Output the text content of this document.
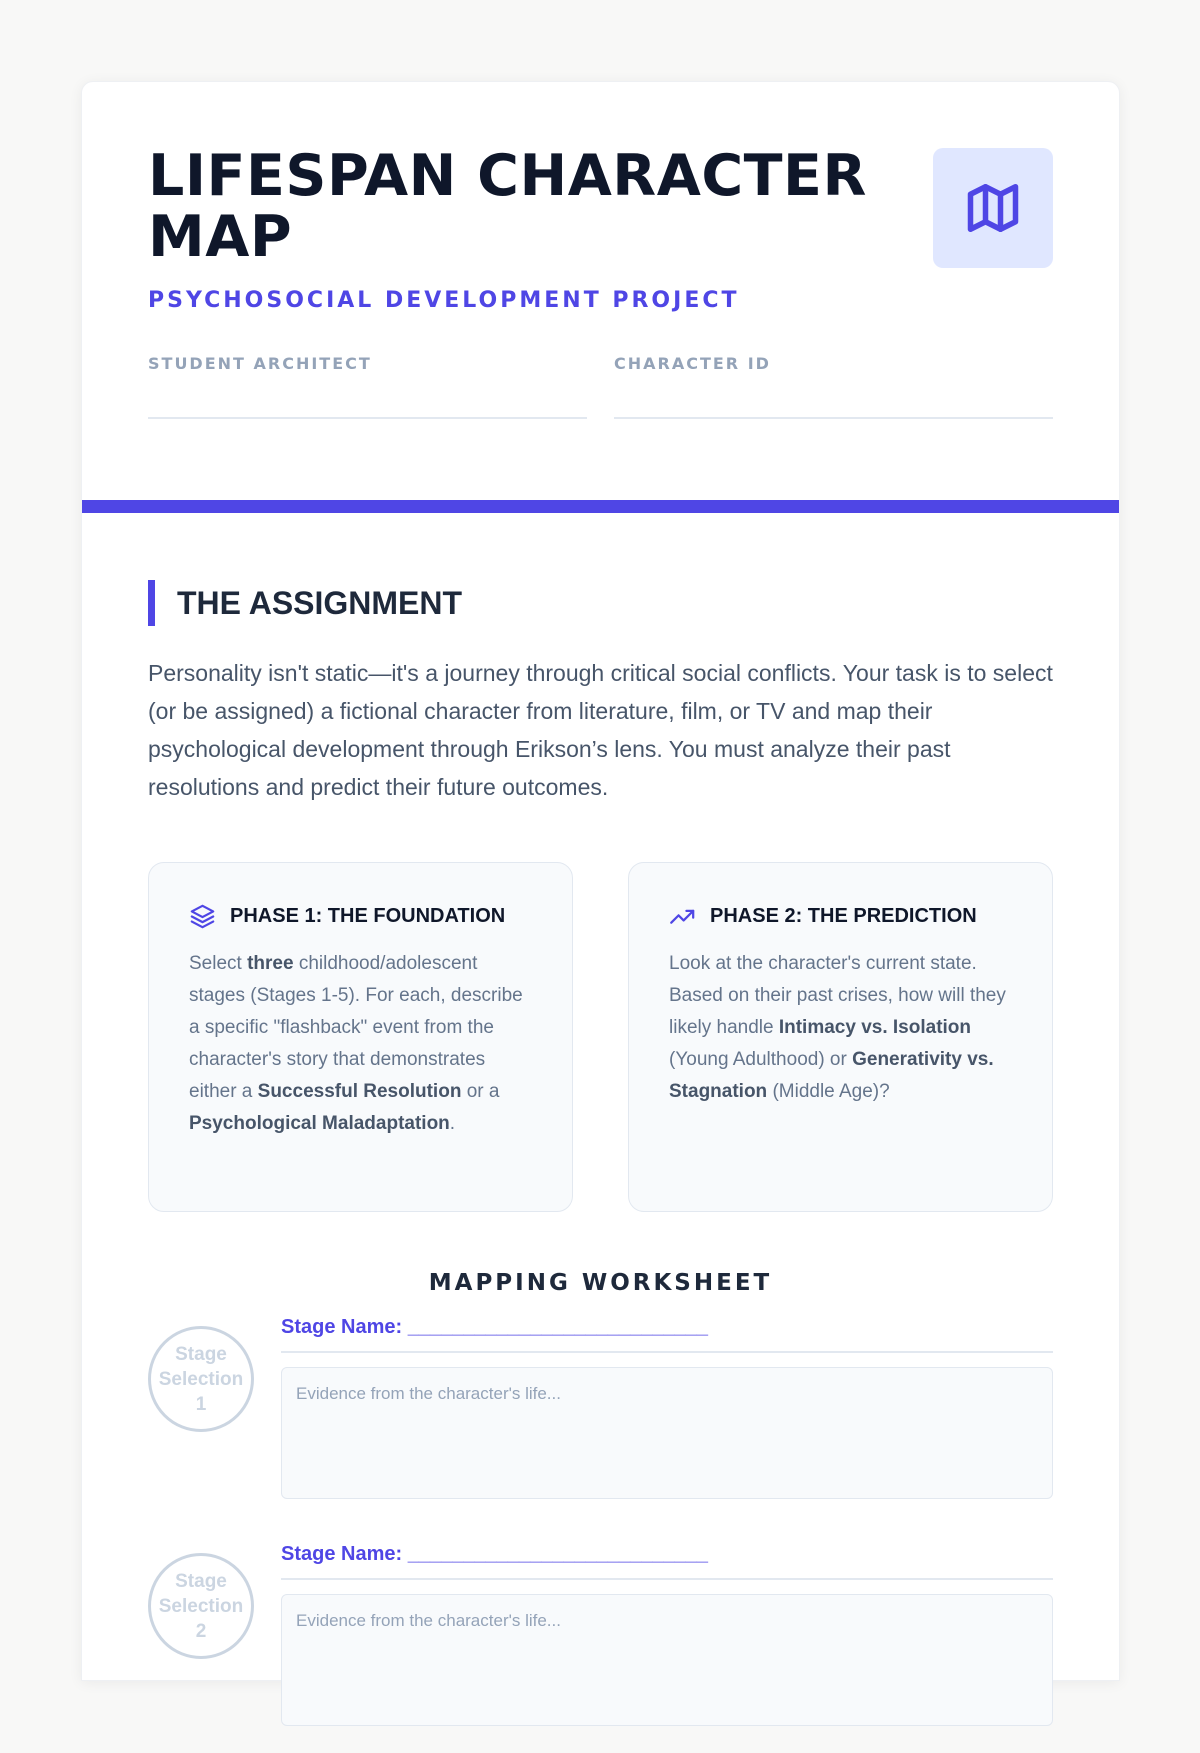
LIFESPAN CHARACTER MAP
PSYCHOSOCIAL DEVELOPMENT PROJECT
STUDENT ARCHITECT	CHARACTER ID
THE ASSIGNMENT

Personality isn't static—it's a journey through critical social conflicts. Your task is to select (or be assigned) a fictional character from literature, film, or TV and map their psychological development through Erikson’s lens. You must analyze their past resolutions and predict their future outcomes.

PHASE 1: THE FOUNDATION

Select three childhood/adolescent stages (Stages 1-5). For each, describe a specific "flashback" event from the character's story that demonstrates either a Successful Resolution or a Psychological Maladaptation.

PHASE 2: THE PREDICTION

Look at the character's current state. Based on their past crises, how will they likely handle Intimacy vs. Isolation (Young Adulthood) or Generativity vs. Stagnation (Middle Age)?

MAPPING WORKSHEET
Stage Selection 1
Stage Name: ___________________________
Evidence from the character's life...
Stage Selection 2
Stage Name: ___________________________
Evidence from the character's life...
